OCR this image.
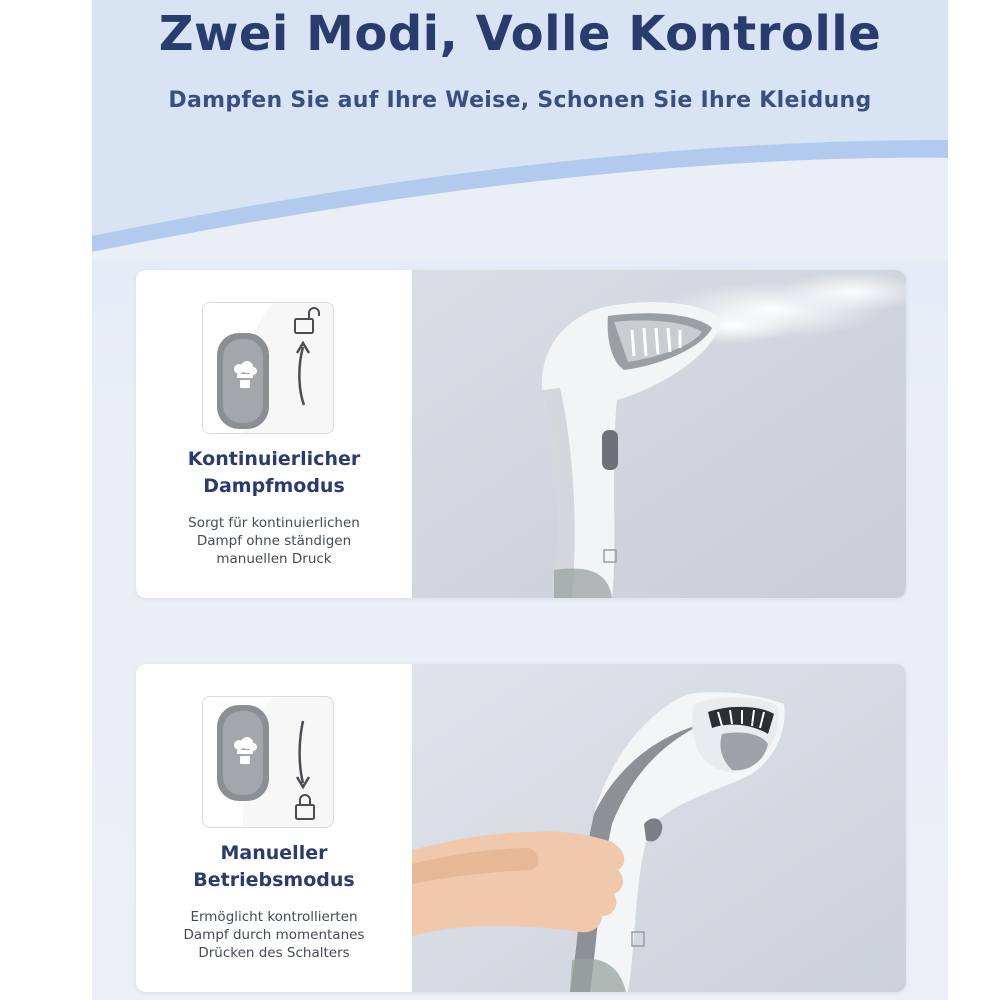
Zwei Modi, Volle Kontrolle

Dampfen Sie auf Ihre Weise, Schonen Sie Ihre Kleidung

Kontinuierlicher
Dampfmodus
Sorgt für kontinuierlichen
Dampf ohne ständigen
manuellen Druck
Manueller
Betriebsmodus
Ermöglicht kontrollierten
Dampf durch momentanes
Drücken des Schalters
